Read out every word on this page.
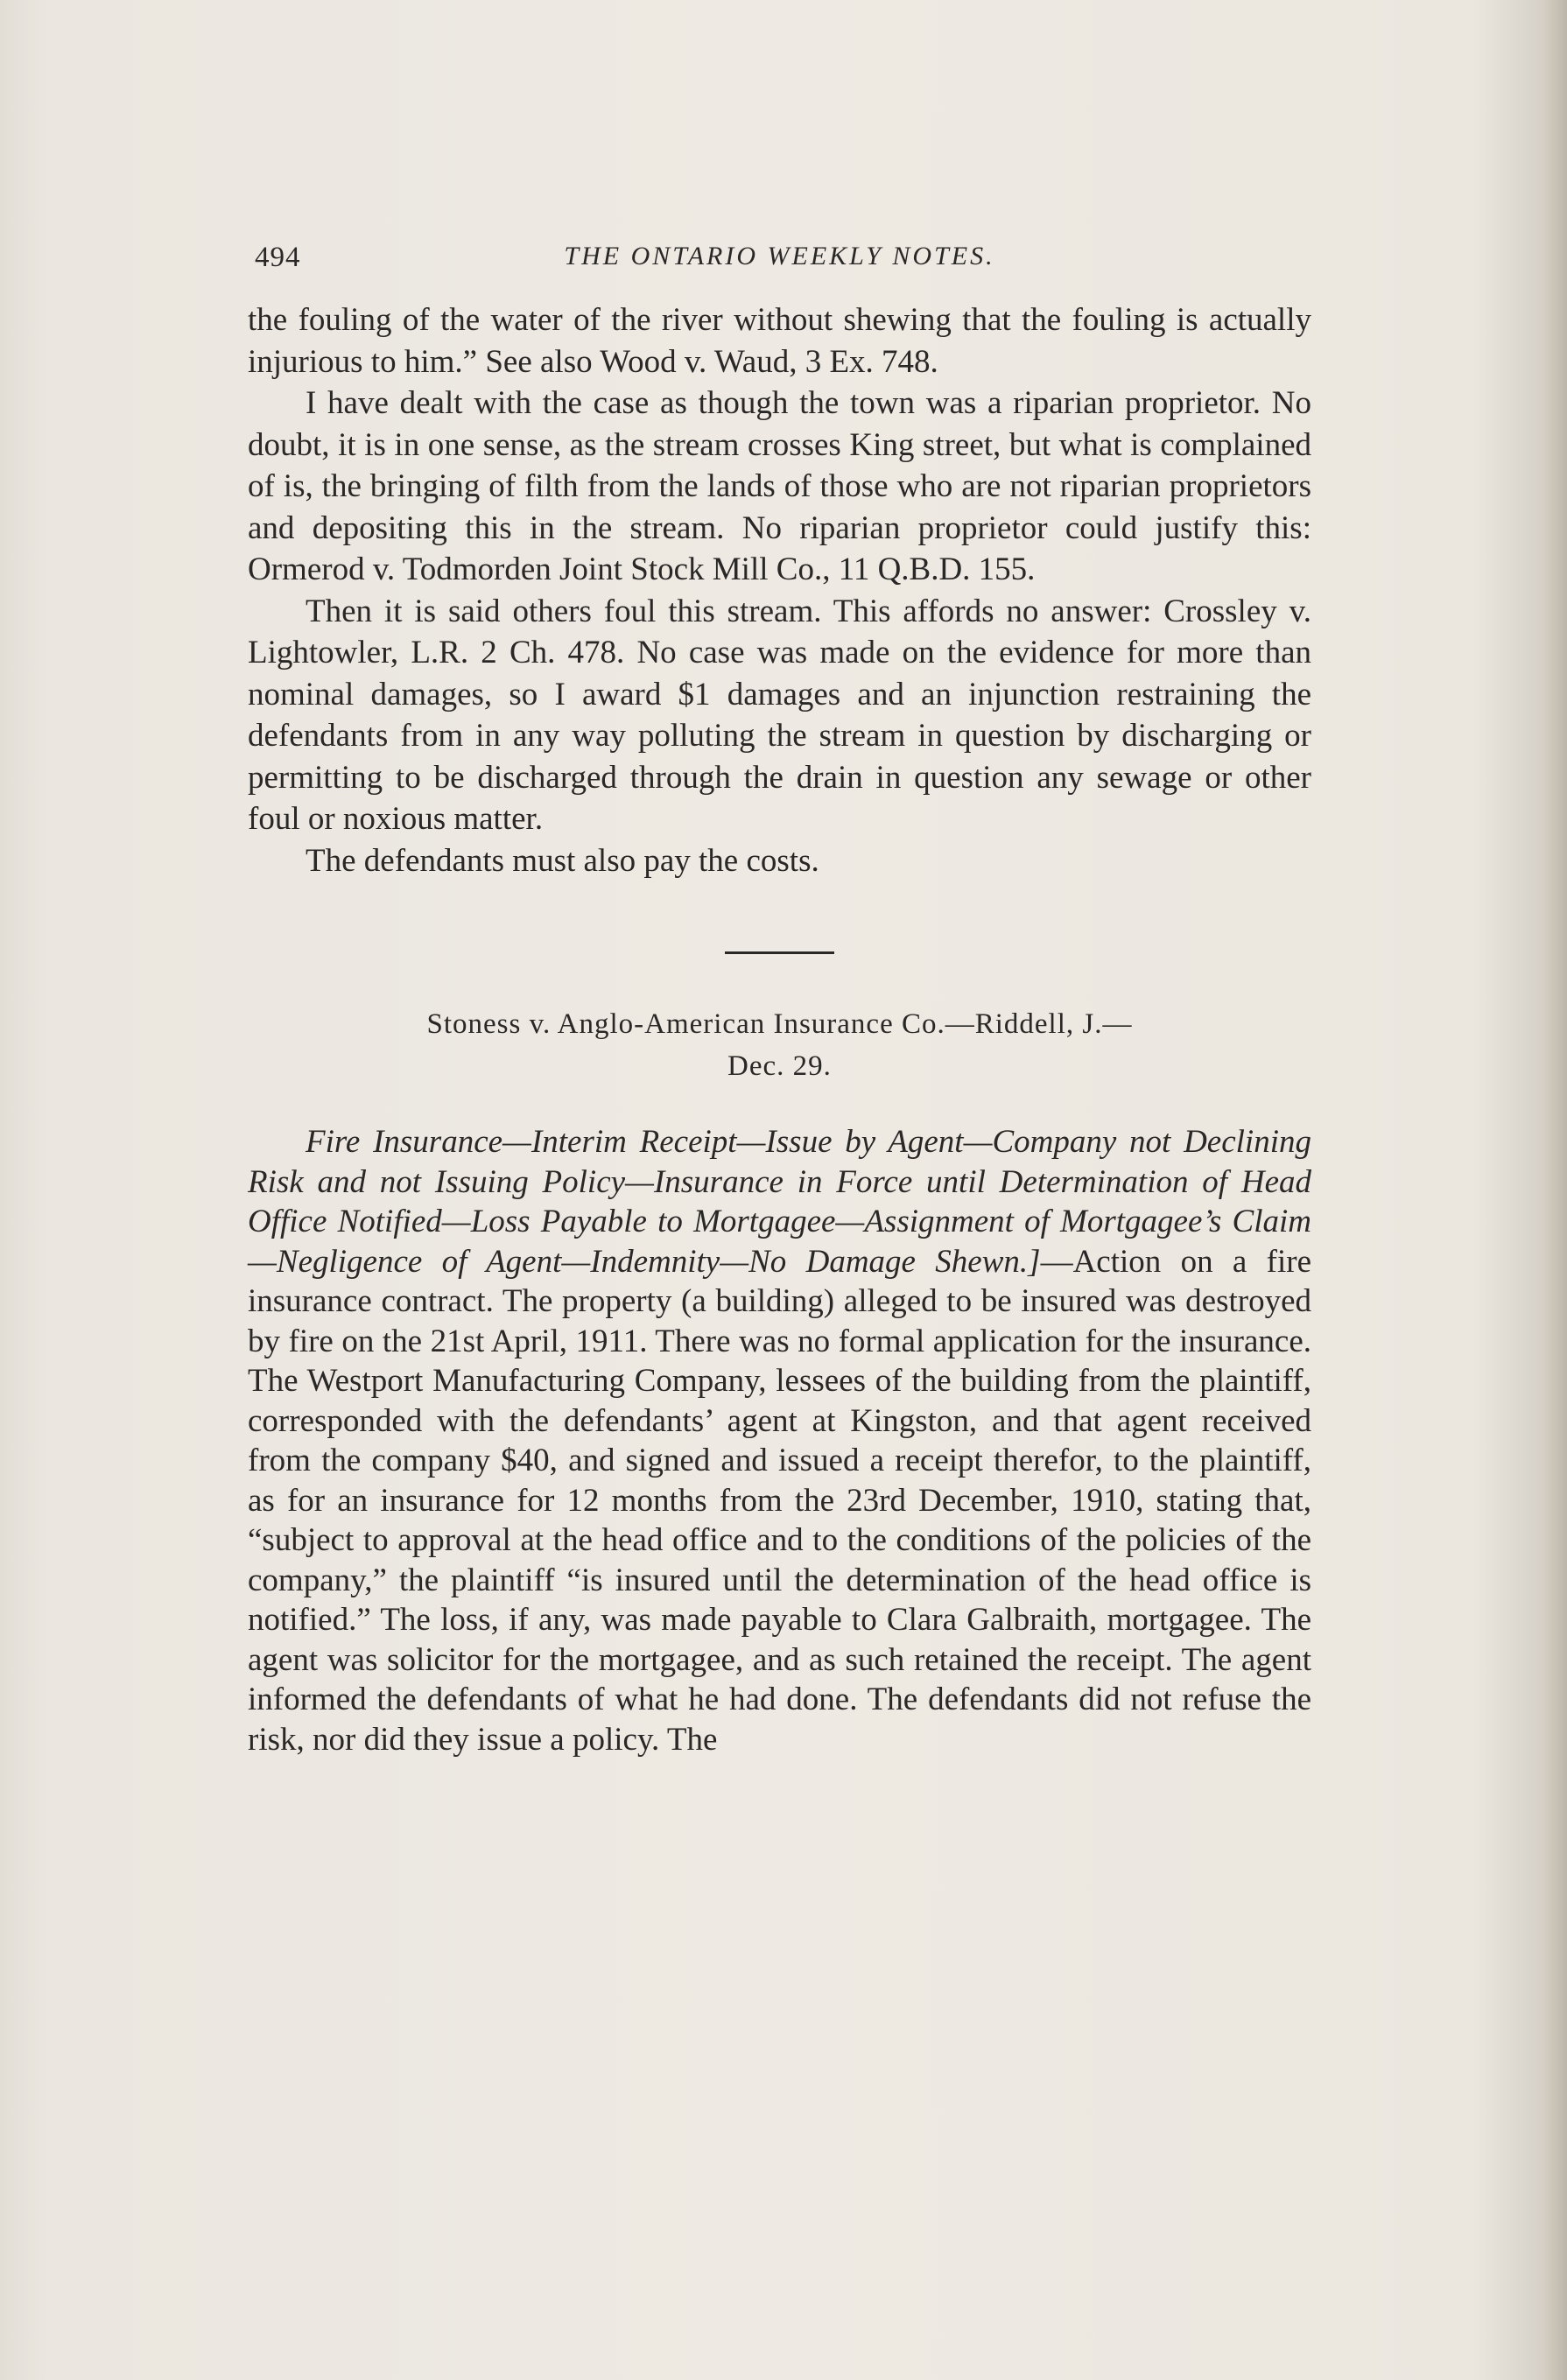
494	THE ONTARIO WEEKLY NOTES.

the fouling of the water of the river without shewing that the fouling is actually injurious to him.” See also Wood v. Waud, 3 Ex. 748.

I have dealt with the case as though the town was a riparian proprietor. No doubt, it is in one sense, as the stream crosses King street, but what is complained of is, the bringing of filth from the lands of those who are not riparian proprietors and depositing this in the stream. No riparian proprietor could justify this: Ormerod v. Todmorden Joint Stock Mill Co., 11 Q.B.D. 155.

Then it is said others foul this stream. This affords no answer: Crossley v. Lightowler, L.R. 2 Ch. 478. No case was made on the evidence for more than nominal damages, so I award $1 damages and an injunction restraining the defendants from in any way polluting the stream in question by discharging or permitting to be discharged through the drain in question any sewage or other foul or noxious matter.

The defendants must also pay the costs.

Stoness v. Anglo-American Insurance Co.—Riddell, J.—
Dec. 29.

Fire Insurance—Interim Receipt—Issue by Agent—Company not Declining Risk and not Issuing Policy—Insurance in Force until Determination of Head Office Notified—Loss Payable to Mortgagee—Assignment of Mortgagee’s Claim—Negligence of Agent—Indemnity—No Damage Shewn.]—Action on a fire insurance contract. The property (a building) alleged to be insured was destroyed by fire on the 21st April, 1911. There was no formal application for the insurance. The Westport Manufacturing Company, lessees of the building from the plaintiff, corresponded with the defendants’ agent at Kingston, and that agent received from the company $40, and signed and issued a receipt therefor, to the plaintiff, as for an insurance for 12 months from the 23rd December, 1910, stating that, “subject to approval at the head office and to the conditions of the policies of the company,” the plaintiff “is insured until the determination of the head office is notified.” The loss, if any, was made payable to Clara Galbraith, mortgagee. The agent was solicitor for the mortgagee, and as such retained the receipt. The agent informed the defendants of what he had done. The defendants did not refuse the risk, nor did they issue a policy. The
